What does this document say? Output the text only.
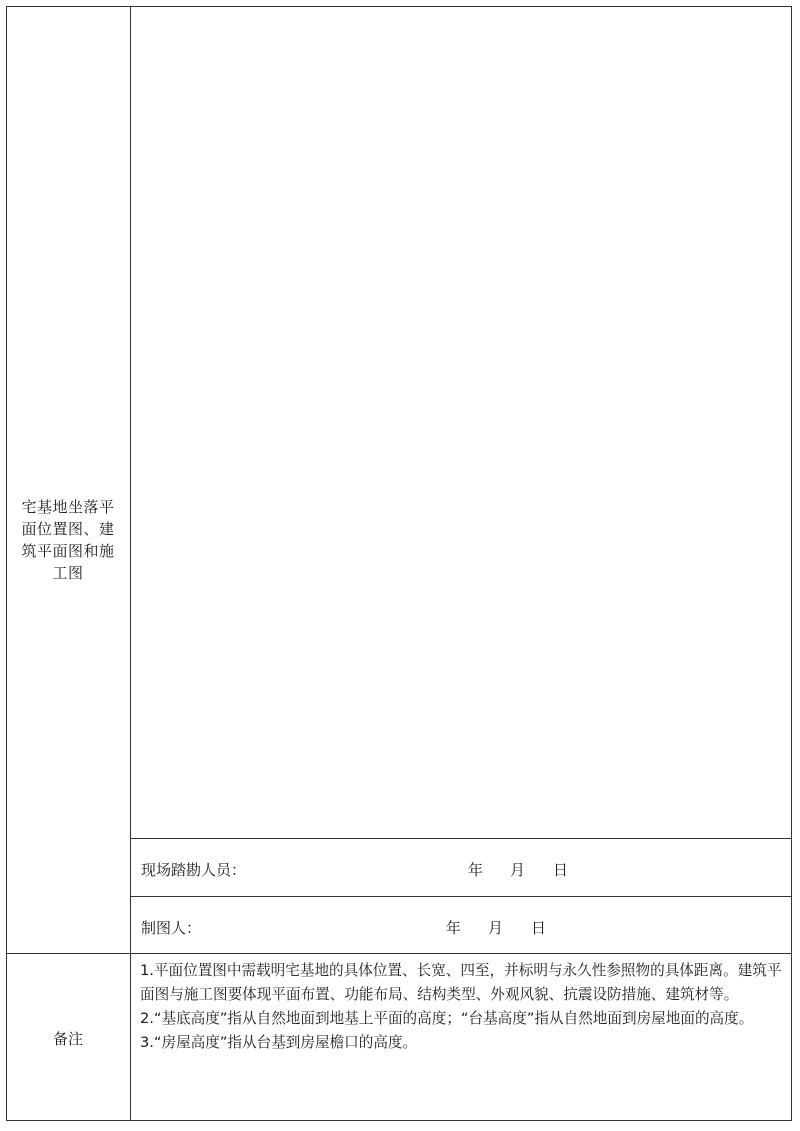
宅基地坐落平
面位置图、建
筑平面图和施
工图
现场踏勘人员：	年 月 日
制图人：	年 月 日
备注

1.平面位置图中需载明宅基地的具体位置、长宽、四至，并标明与永久性参照物的具体距离。建筑平面图与施工图要体现平面布置、功能布局、结构类型、外观风貌、抗震设防措施、建筑材等。

2.“基底高度”指从自然地面到地基上平面的高度；“台基高度”指从自然地面到房屋地面的高度。

3.“房屋高度”指从台基到房屋檐口的高度。
